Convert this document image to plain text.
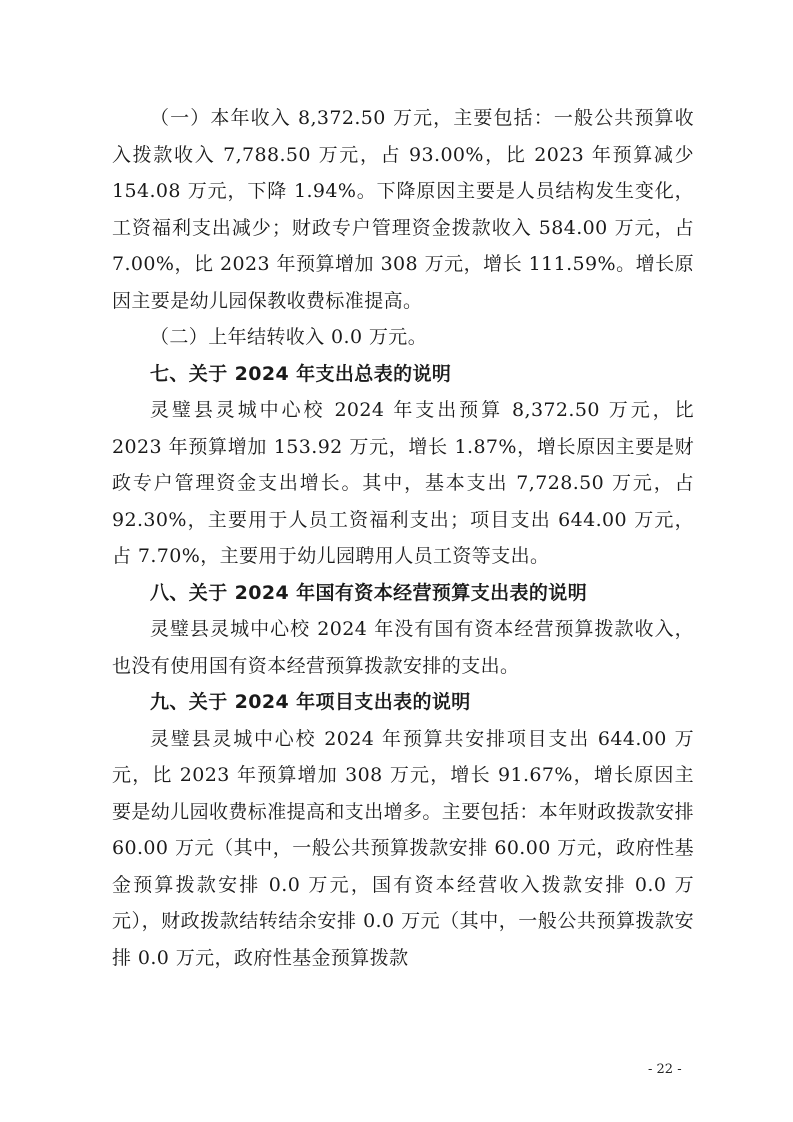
（一）本年收入 8,372.50 万元，主要包括：一般公共预算收入拨款收入 7,788.50 万元，占 93.00%，比 2023 年预算减少 154.08 万元，下降 1.94%。下降原因主要是人员结构发生变化，工资福利支出减少；财政专户管理资金拨款收入 584.00 万元，占 7.00%，比 2023 年预算增加 308 万元，增长 111.59%。增长原因主要是幼儿园保教收费标准提高。

（二）上年结转收入 0.0 万元。

七、关于 2024 年支出总表的说明

灵璧县灵城中心校 2024 年支出预算 8,372.50 万元，比 2023 年预算增加 153.92 万元，增长 1.87%，增长原因主要是财政专户管理资金支出增长。其中，基本支出 7,728.50 万元，占 92.30%，主要用于人员工资福利支出；项目支出 644.00 万元，占 7.70%，主要用于幼儿园聘用人员工资等支出。

八、关于 2024 年国有资本经营预算支出表的说明

灵璧县灵城中心校 2024 年没有国有资本经营预算拨款收入，也没有使用国有资本经营预算拨款安排的支出。

九、关于 2024 年项目支出表的说明

灵璧县灵城中心校 2024 年预算共安排项目支出 644.00 万元，比 2023 年预算增加 308 万元，增长 91.67%，增长原因主要是幼儿园收费标准提高和支出增多。主要包括：本年财政拨款安排 60.00 万元（其中，一般公共预算拨款安排 60.00 万元，政府性基金预算拨款安排 0.0 万元，国有资本经营收入拨款安排 0.0 万元），财政拨款结转结余安排 0.0 万元（其中，一般公共预算拨款安排 0.0 万元，政府性基金预算拨款

- 22 -
